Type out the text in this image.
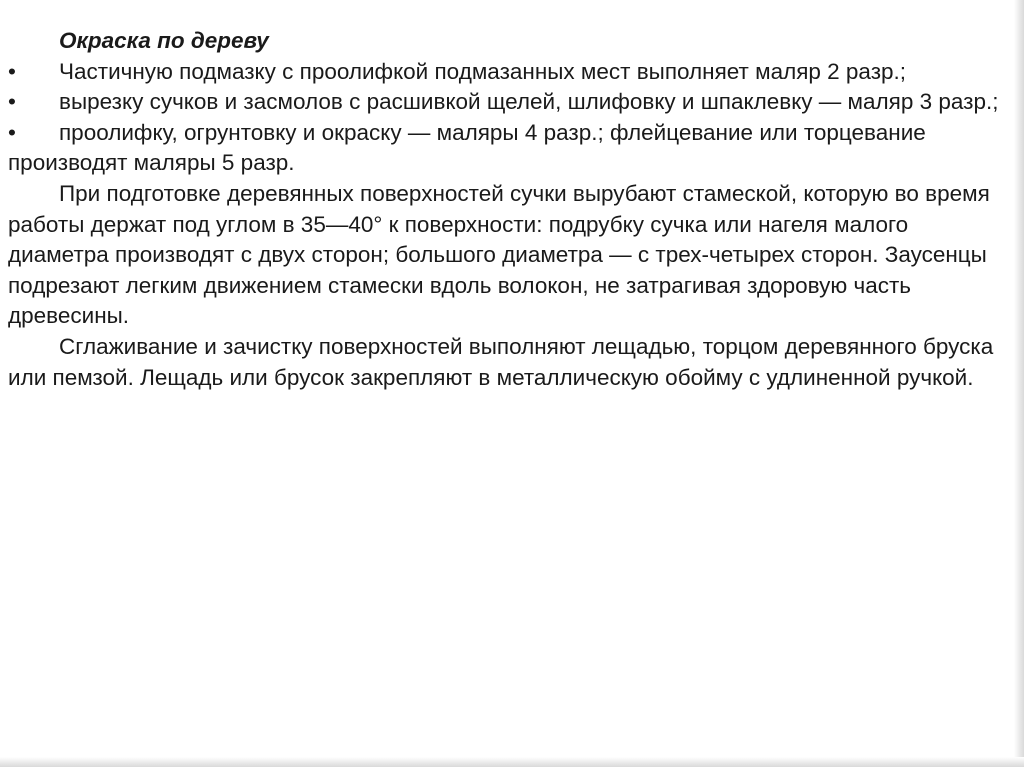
Окраска по дереву
• Частичную подмазку с проолифкой подмазанных мест выполняет маляр 2 разр.;
• вырезку сучков и засмолов с расшивкой щелей, шлифовку и шпаклевку — маляр 3 разр.;
• проолифку, огрунтовку и окраску — маляры 4 разр.; флейцевание или торцевание производят маляры 5 разр.
При подготовке деревянных поверхностей сучки вырубают стамеской, которую во время работы держат под углом в 35—40° к поверхности: подрубку сучка или нагеля малого диаметра производят с двух сторон; большого диаметра — с трех-четырех сторон. Заусенцы подрезают легким движением стамески вдоль волокон, не затрагивая здоровую часть древесины.
Сглаживание и зачистку поверхностей выполняют лещадью, торцом деревянного бруска или пемзой. Лещадь или брусок закрепляют в металлическую обойму с удлиненной ручкой.
